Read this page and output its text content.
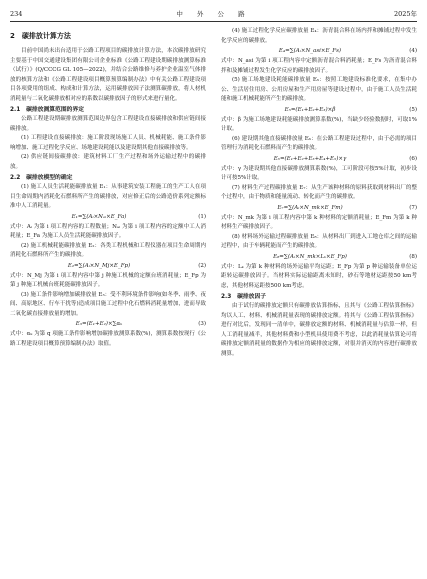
234	中 外 公 路	2025年
2　碳排放计算方法

目前中国尚未出台适用于公路工程项目的碳排放计算方法，本次碳排放研究主要基于中国交通建设集团有限公司企业标准《公路工程建设期碳排放测算标准（试行）》(Q/CCCG GL 105—2022)，并结合公路维修与养护企业温室气体排放的核算方法和《公路工程建设项目概算预算编制办法》中有关公路工程建设项目各项费用的组成、构成和计算方法，运用碳排放因子法测算碳排放，将人材机消耗量与二氧化碳排放相对应的系数以碳排放因子的形式来进行量化。

2.1　碳排放测算范围的界定

公路工程建设期碳排放测算范围边界包含工程建设直接碳排放和供应链间接碳排放。

(1) 工程建设直接碳排放：施工阶段现场施工人员、机械耗能、施工条件影响增加、施工过程化学反应、场地建设耗能以及建设期其他直接碳排放等。

(2) 供应链间接碳排放：建筑材料工厂生产过程和场外运输过程中的碳排放。

2.2　碳排放模型的确定

(1) 施工人员生活耗能碳排放量 E₁：从事建筑安装工程施工的生产工人在项目生命周期内消耗化石燃料所产生的碳排放，对应修正后的公路造价系列定额标准中人工消耗量。

E₁=∑(Aᵢ×Nₐᵢ×E_Fa)	(1)

式中：Aᵢ 为第 i 项工程内容的工程数量；Nₐᵢ 为第 i 项工程内容的定额中工人消耗量；E_Fa 为施工人员生活耗能碳排放因子。

(2) 施工机械耗能碳排放量 E₂：各类工程机械和工程仪器在项目生命周期内消耗化石燃料所产生的碳排放。

E₂=∑(Aᵢ×N_Mj×E_Fp)	(2)

式中：N_Mj 为第 i 项工程内容中第 j 种施工机械的定额台班消耗量；E_Fp 为第 j 种施工机械台班耗能碳排放因子。

(3) 施工条件影响增加碳排放量 E₃：受不利环境条件影响(如冬季、雨季、夜间、高原地区、行车干扰等)造成项目施工过程中化石燃料消耗量增加，进而导致二氧化碳直接排放量的增加。

E₃=(E₁+E₂)×∑αₖ	(3)

式中：αₖ 为第 q 项施工条件影响增加碳排放测算系数(%)，测算系数按现行《公路工程建设项目概算预算编制办法》取值。

(4) 施工过程化学反应碳排放量 E₄：沥青混合料在场内拌和摊铺过程中发生化学反应的碳排放。

E₄=∑(Aᵢ×N_asi×E_Fs)	(4)

式中：N_asi 为第 i 项工程内容中定额沥青混合料消耗量；E_Fs 为沥青混合料拌和及摊铺过程发生化学反应的碳排放因子。

(5) 施工场地建设耗能碳排放量 E₅：按照工地建设标准化要求，在集中办公、生活居住用房、公用房屋和生产用房屋等建设过程中，由于施工人员生活耗能和施工机械耗能所产生的碳排放。

E₅=(E₁+E₂+E₃)×β	(5)

式中：β 为施工场地建设耗能碳排放测算系数(%)，当缺少经验数据时，可取1%计取。

(6) 建设期其他直接碳排放量 E₆：在公路工程建设过程中，由于必需的项目管理行为消耗化石燃料而产生的碳排放。

E₆=(E₁+E₂+E₃+E₄+E₅)×γ	(6)

式中：γ 为建设期其他直接碳排放测算系数(%)，工可阶段可按5%计取，初步设计可按5%计取。

(7) 材料生产过程碳排放量 E₇：从生产该种材料的原料获取到材料出厂的整个过程中，由于物质和能量流动、转化而产生的碳排放。

E₇=∑(Aᵢ×N_mk×E_Fm)	(7)

式中：N_mk 为第 i 项工程内容中第 k 种材料的定额消耗量；E_Fm 为第 k 种材料生产碳排放因子。

(8) 材料场外运输过程碳排放量 E₈：从材料出厂到进入工地仓库之间的运输过程中，由于车辆耗能而产生的碳排放。

E₈=∑(Aᵢ×N_mk×Lₖ×E_Fp)	(8)

式中：Lₖ 为第 k 种材料的场外运输平均运距；E_Fp 为第 p 种运输装备单位运距转运碳排放因子。当材料实际运输距离未知时，砂石等地材运距按50 km考虑，其他材料运距按500 km考虑。

2.3　碳排放因子

由于试行的碳排放定额只有碳排放估算指标，且其与《公路工程估算指标》均以人工、材料、机械消耗量表现的碳排放定额。将其与《公路工程估算指标》进行对比后，发现同一清单中，碳排放定额的材料、机械消耗量与估算一样，但人工消耗量减半，其他材料费和小型机具使用费不考虑，以此消耗量估算论可将碳排放定额消耗量的数据作为相应的碳排放定额，对很并消灭的内容进行碳排放测算。
